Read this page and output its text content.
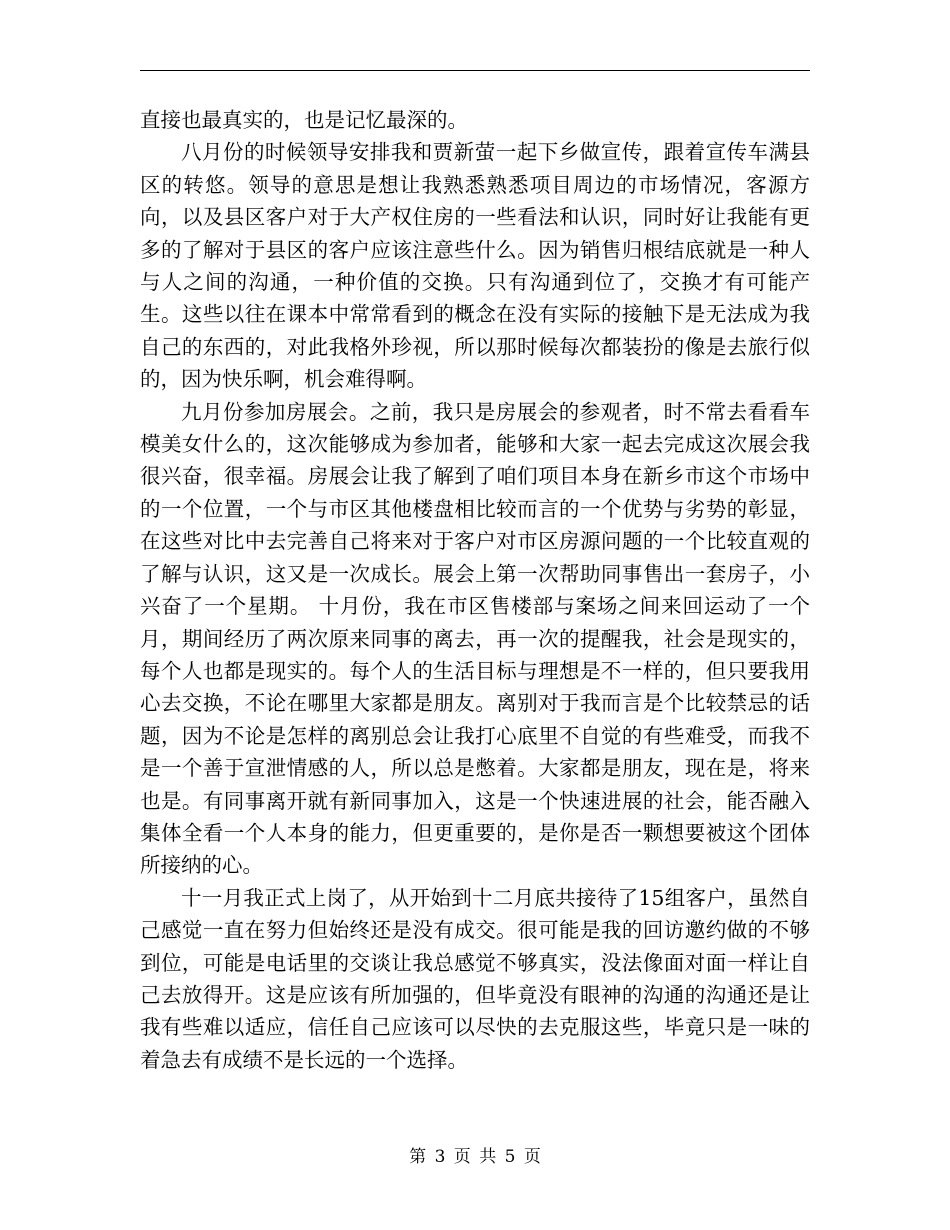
直接也最真实的，也是记忆最深的。

八月份的时候领导安排我和贾新萤一起下乡做宣传，跟着宣传车满县区的转悠。领导的意思是想让我熟悉熟悉项目周边的市场情况，客源方向，以及县区客户对于大产权住房的一些看法和认识，同时好让我能有更多的了解对于县区的客户应该注意些什么。因为销售归根结底就是一种人与人之间的沟通，一种价值的交换。只有沟通到位了，交换才有可能产生。这些以往在课本中常常看到的概念在没有实际的接触下是无法成为我自己的东西的，对此我格外珍视，所以那时候每次都装扮的像是去旅行似的，因为快乐啊，机会难得啊。

九月份参加房展会。之前，我只是房展会的参观者，时不常去看看车模美女什么的，这次能够成为参加者，能够和大家一起去完成这次展会我很兴奋，很幸福。房展会让我了解到了咱们项目本身在新乡市这个市场中的一个位置，一个与市区其他楼盘相比较而言的一个优势与劣势的彰显，在这些对比中去完善自己将来对于客户对市区房源问题的一个比较直观的了解与认识，这又是一次成长。展会上第一次帮助同事售出一套房子，小兴奋了一个星期。 十月份，我在市区售楼部与案场之间来回运动了一个月，期间经历了两次原来同事的离去，再一次的提醒我，社会是现实的，每个人也都是现实的。每个人的生活目标与理想是不一样的，但只要我用心去交换，不论在哪里大家都是朋友。离别对于我而言是个比较禁忌的话题，因为不论是怎样的离别总会让我打心底里不自觉的有些难受，而我不是一个善于宣泄情感的人，所以总是憋着。大家都是朋友，现在是，将来也是。有同事离开就有新同事加入，这是一个快速进展的社会，能否融入集体全看一个人本身的能力，但更重要的，是你是否一颗想要被这个团体所接纳的心。

十一月我正式上岗了，从开始到十二月底共接待了15组客户，虽然自己感觉一直在努力但始终还是没有成交。很可能是我的回访邀约做的不够到位，可能是电话里的交谈让我总感觉不够真实，没法像面对面一样让自己去放得开。这是应该有所加强的，但毕竟没有眼神的沟通的沟通还是让我有些难以适应，信任自己应该可以尽快的去克服这些，毕竟只是一味的着急去有成绩不是长远的一个选择。

第 3 页 共 5 页
